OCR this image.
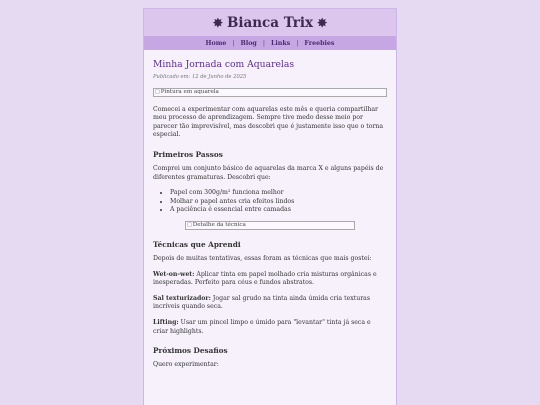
✸ Bianca Trix ✸
Home | Blog | Links | Freebies
Minha Jornada com Aquarelas
Publicado em: 12 de Junho de 2025
□ Pintura em aquarela

Comecei a experimentar com aquarelas este mês e queria compartilhar meu processo de aprendizagem. Sempre tive medo desse meio por parecer tão imprevisível, mas descobri que é justamente isso que o torna especial.

Primeiros Passos

Comprei um conjunto básico de aquarelas da marca X e alguns papéis de diferentes gramaturas. Descobri que:

• Papel com 300g/m² funciona melhor
• Molhar o papel antes cria efeitos lindos
• A paciência é essencial entre camadas
□ Detalhe da técnica
Técnicas que Aprendi

Depois de muitas tentativas, essas foram as técnicas que mais gostei:

Wet-on-wet: Aplicar tinta em papel molhado cria misturas orgânicas e inesperadas. Perfeito para céus e fundos abstratos.

Sal texturizador: Jogar sal grudo na tinta ainda úmida cria texturas incríveis quando seca.

Lifting: Usar um pincel limpo e úmido para "levantar" tinta já seca e criar highlights.

Próximos Desafios

Quero experimentar:
